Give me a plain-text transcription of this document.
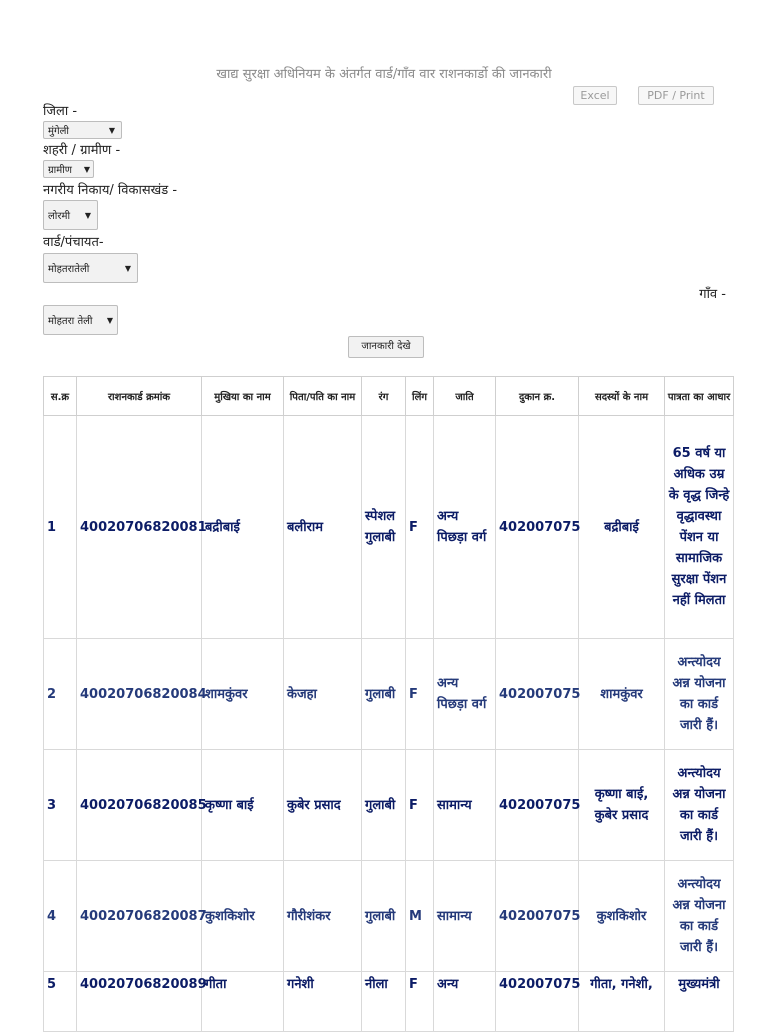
खाद्य सुरक्षा अधिनियम के अंतर्गत वार्ड/गाँव वार राशनकार्डो की जानकारी
Excel	PDF / Print
जिला -
मुंगेली	▼
शहरी / ग्रामीण -
ग्रामीण ▼
नगरीय निकाय/ विकासखंड -
लोरमी ▼
वार्ड/पंचायत-
मोहतरातेली	▼
गाँव -
मोहतरा तेली ▼
जानकारी देखे
स.क्र	राशनकार्ड क्रमांक	मुखिया का नाम	पिता/पति का नाम	रंग	लिंग	जाति	दुकान क्र.	सदस्यों के नाम	पात्रता का आधार
1	40020706820081	बद्रीबाई	बलीराम	स्पेशल गुलाबी	F	अन्य पिछड़ा वर्ग	402007075	बद्रीबाई	65 वर्ष या अधिक उम्र के वृद्ध जिन्हे वृद्धावस्था पेंशन या सामाजिक सुरक्षा पेंशन नहीं मिलता
2	40020706820084	शामकुंवर	केजहा	गुलाबी	F	अन्य पिछड़ा वर्ग	402007075	शामकुंवर	अन्त्योदय अन्न योजना का कार्ड जारी हैं।
3	40020706820085	कृष्णा बाई	कुबेर प्रसाद	गुलाबी	F	सामान्य	402007075	कृष्णा बाई, कुबेर प्रसाद	अन्त्योदय अन्न योजना का कार्ड जारी हैं।
4	40020706820087	कुशकिशोर	गौरीशंकर	गुलाबी	M	सामान्य	402007075	कुशकिशोर	अन्त्योदय अन्न योजना का कार्ड जारी हैं।
5	40020706820089	गीता	गनेशी	नीला	F	अन्य	402007075	गीता, गनेशी,	मुख्यमंत्री
